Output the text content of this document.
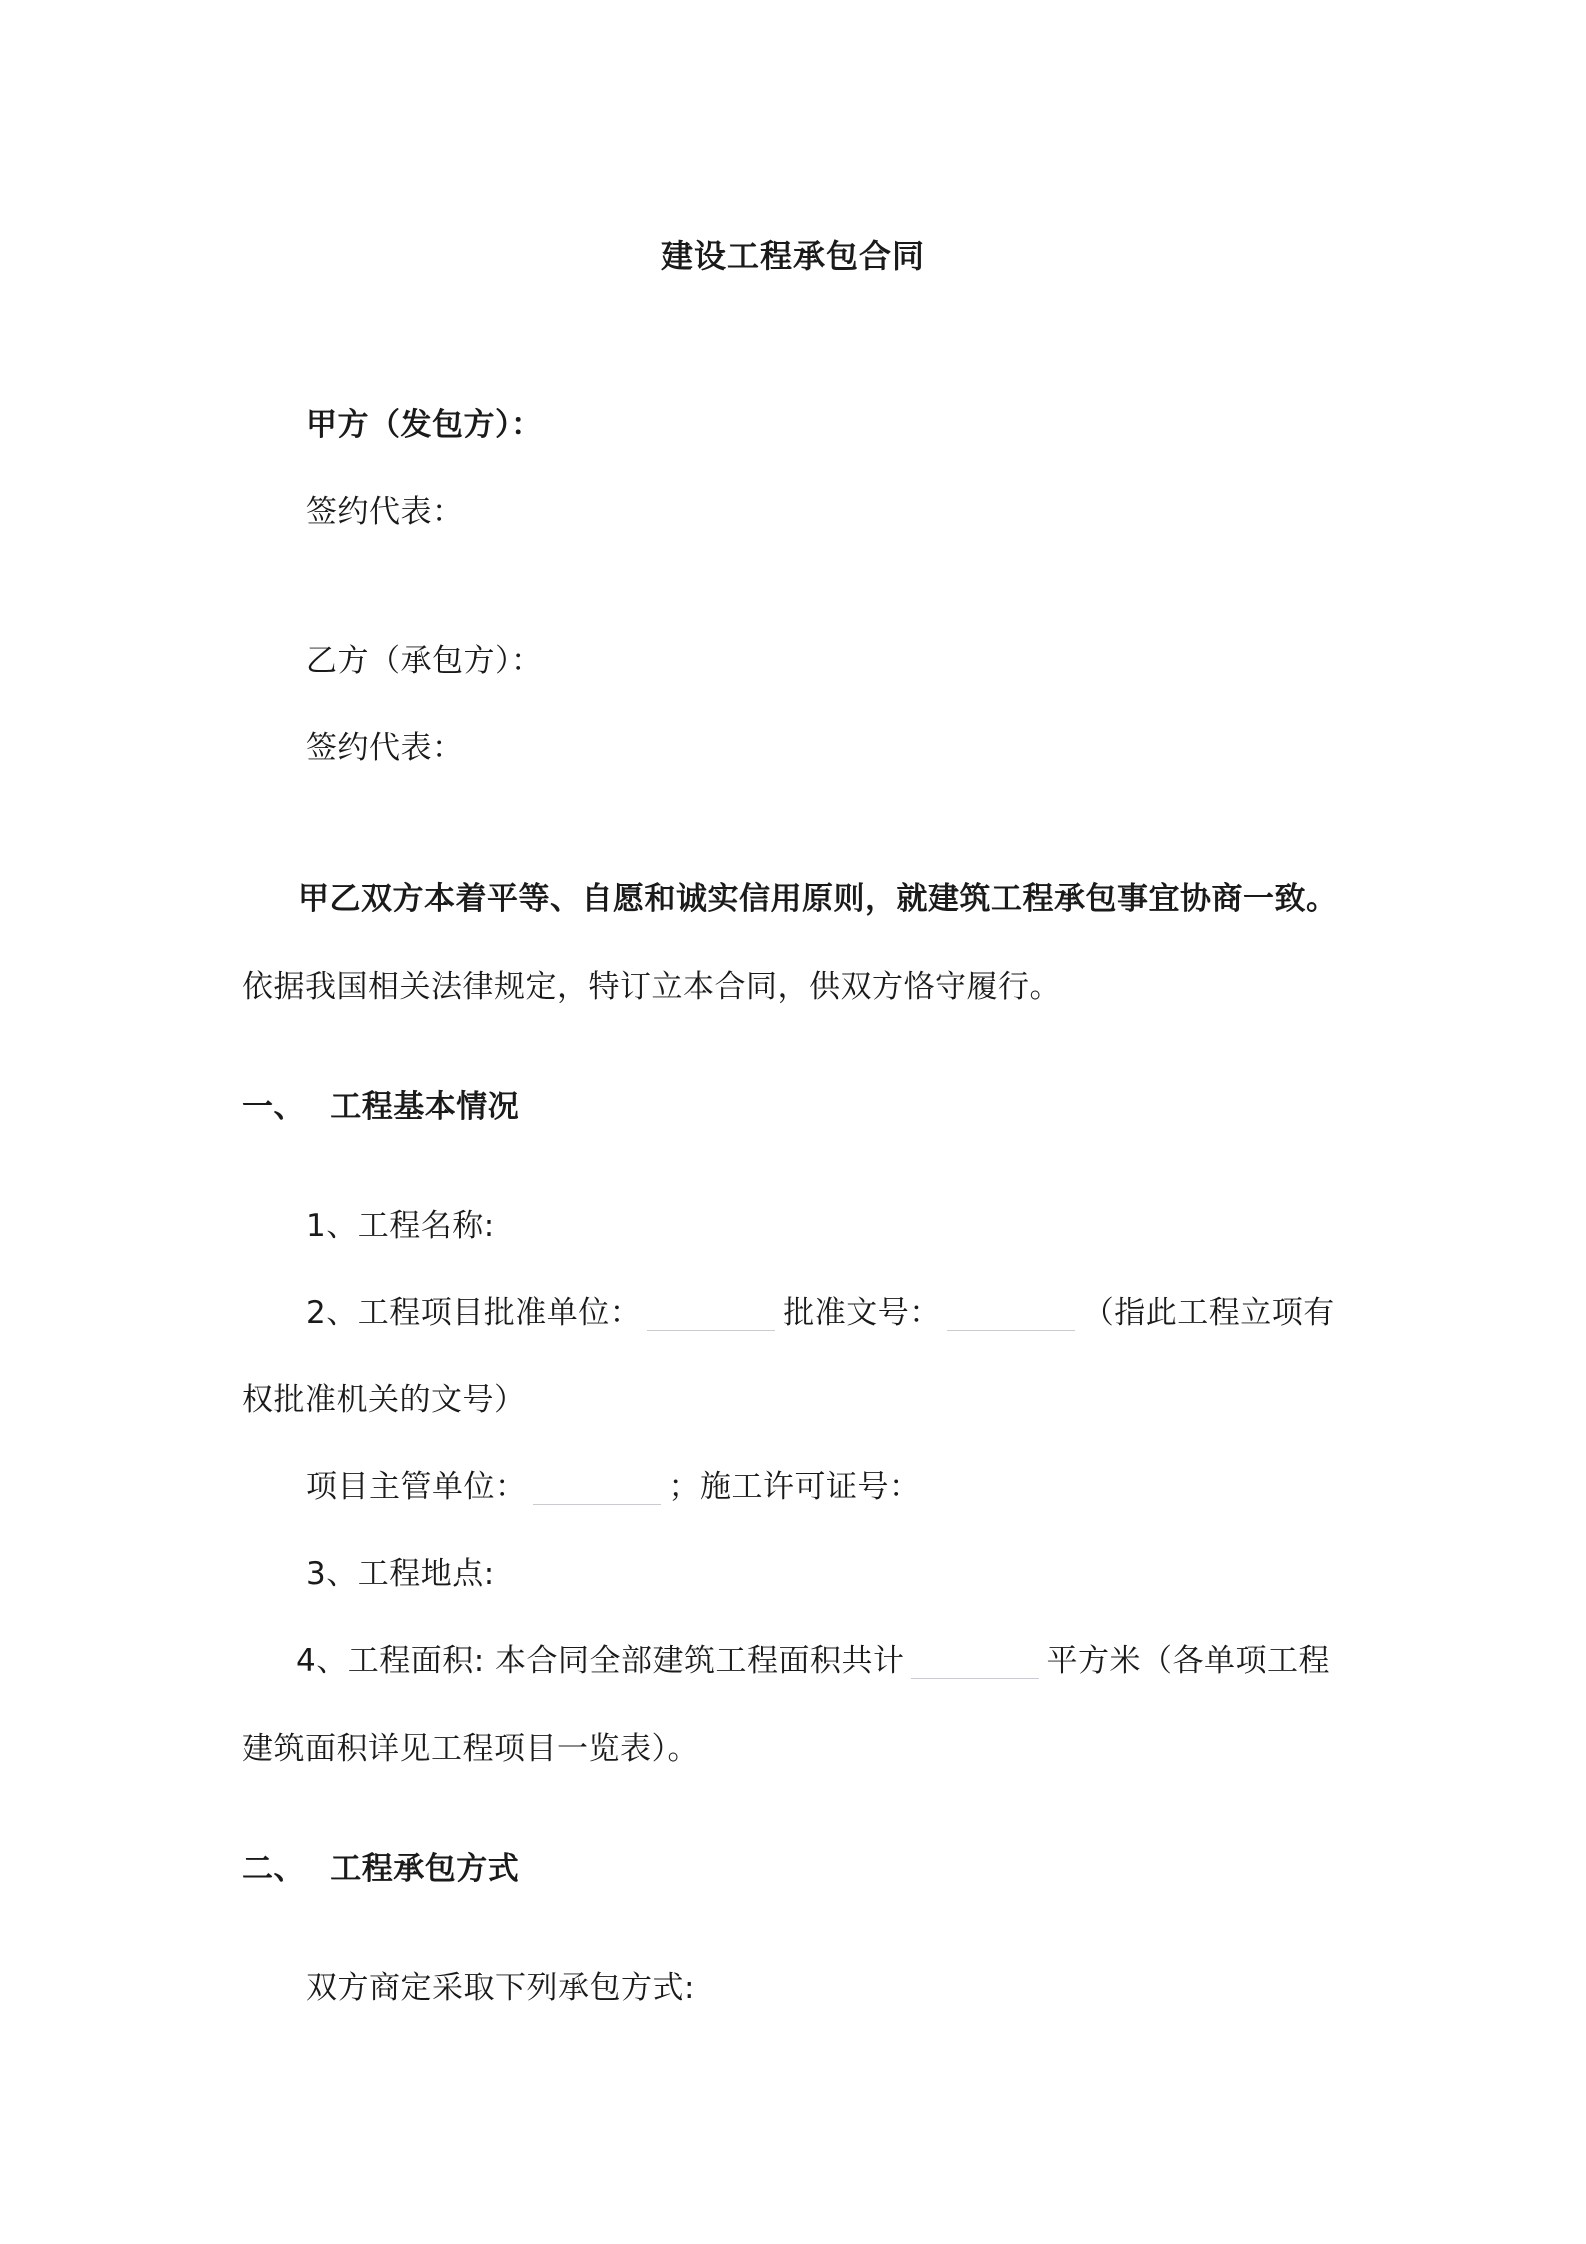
建设工程承包合同
甲方（发包方）：
签约代表：
乙方（承包方）：
签约代表：
甲乙双方本着平等、自愿和诚实信用原则，就建筑工程承包事宜协商一致。
依据我国相关法律规定，特订立本合同，供双方恪守履行。
一、 工程基本情况
1、工程名称:
2、工程项目批准单位：	批准文号：	（指此工程立项有
权批准机关的文号）
项目主管单位：	；施工许可证号：
3、工程地点:
4、工程面积: 本合同全部建筑工程面积共计	平方米（各单项工程
建筑面积详见工程项目一览表）。
二、 工程承包方式
双方商定采取下列承包方式:
